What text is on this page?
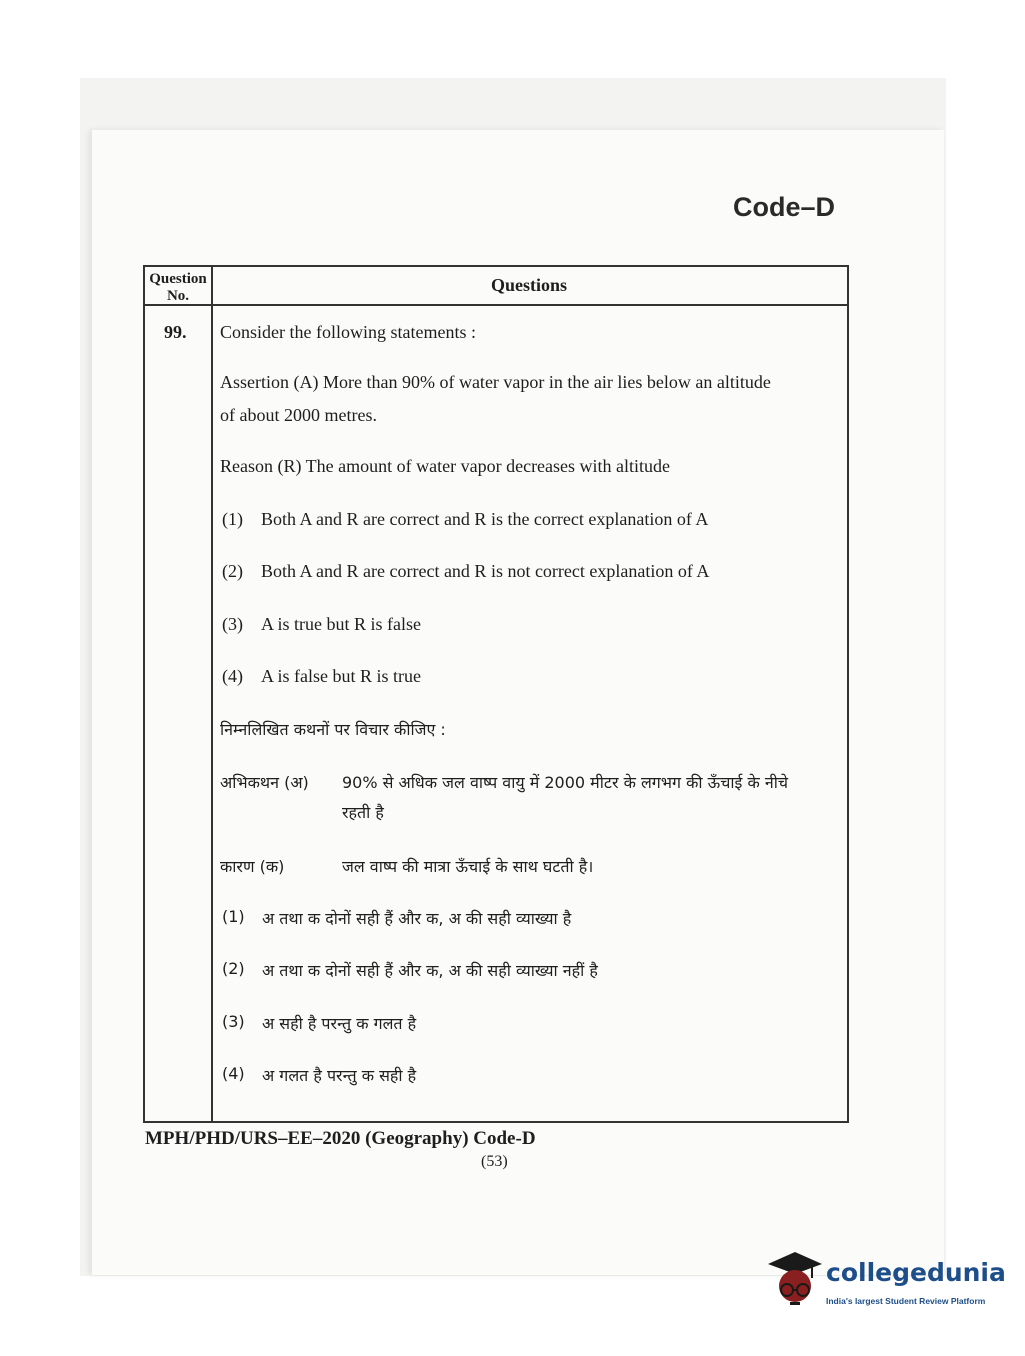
Code–D
Question No.
Questions
99. Consider the following statements :
Assertion (A) More than 90% of water vapor in the air lies below an altitude
of about 2000 metres.
Reason (R) The amount of water vapor decreases with altitude
(1) Both A and R are correct and R is the correct explanation of A
(2) Both A and R are correct and R is not correct explanation of A
(3) A is true but R is false
(4) A is false but R is true
निम्नलिखित कथनों पर विचार कीजिए :
अभिकथन (अ) 90% से अधिक जल वाष्प वायु में 2000 मीटर के लगभग की ऊँचाई के नीचे
रहती है
कारण (क)	जल वाष्प की मात्रा ऊँचाई के साथ घटती है।
(1) अ तथा क दोनों सही हैं और क, अ की सही व्याख्या है
(2) अ तथा क दोनों सही हैं और क, अ की सही व्याख्या नहीं है
(3) अ सही है परन्तु क गलत है
(4) अ गलत है परन्तु क सही है
MPH/PHD/URS–EE–2020 (Geography) Code-D
(53)
collegedunia
India's largest Student Review Platform
